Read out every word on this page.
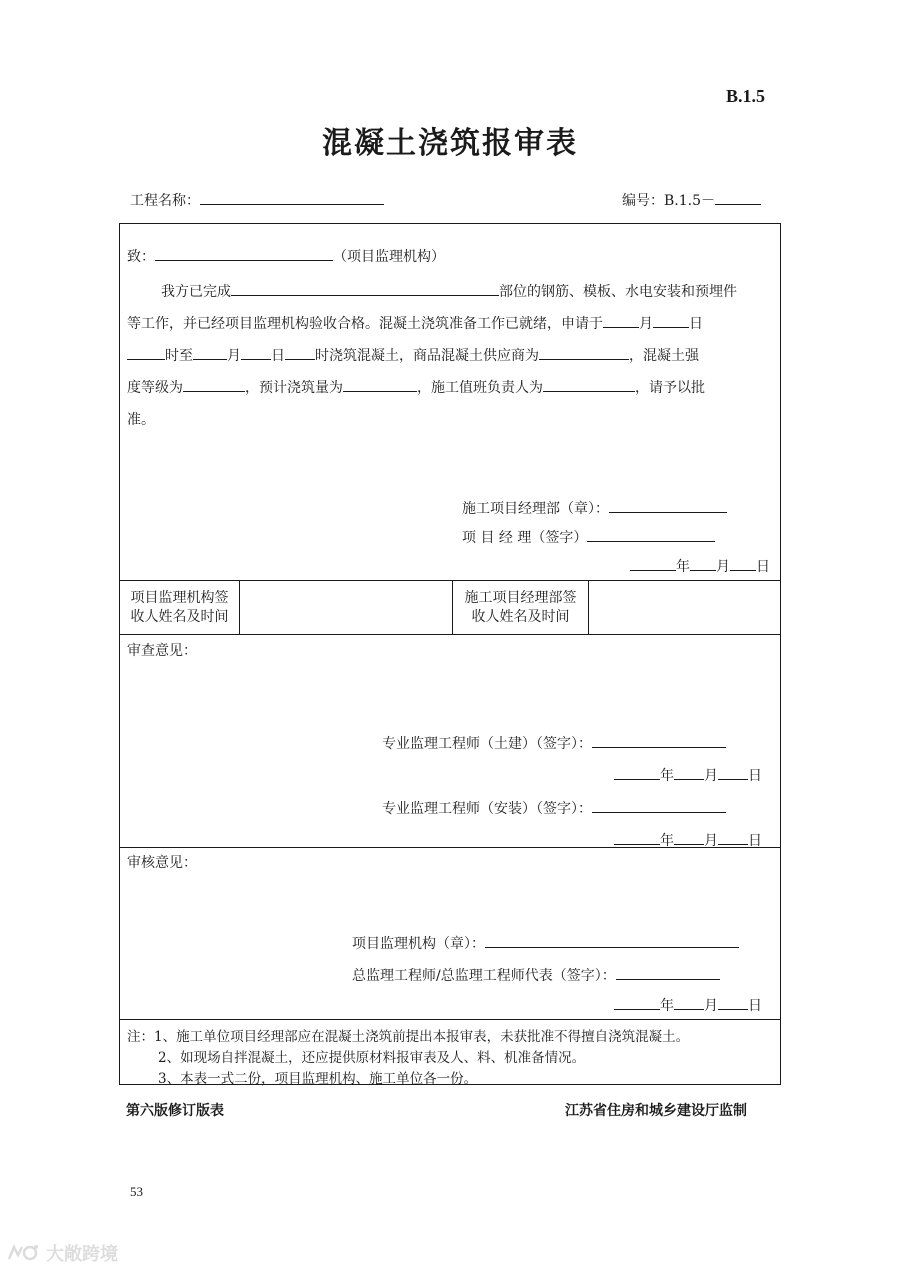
B.1.5
混凝土浇筑报审表
工程名称：	编号：B.1.5－
致：	（项目监理机构）
我方已完成	部位的钢筋、模板、水电安装和预埋件
等工作，并已经项目监理机构验收合格。混凝土浇筑准备工作已就绪，申请于	月	日
时至 月 日 时浇筑混凝土，商品混凝土供应商为	，混凝土强
度等级为	，预计浇筑量为	，施工值班负责人为	，请予以批
准。
施工项目经理部（章）：
项 目 经 理（签字）
年 月 日
项目监理机构签
收人姓名及时间
施工项目经理部签
收人姓名及时间
审查意见：
专业监理工程师（土建）（签字）：
年 月 日
专业监理工程师（安装）（签字）：
年 月 日
审核意见：
项目监理机构（章）：
总监理工程师/总监理工程师代表（签字）：
年 月 日
注：1、施工单位项目经理部应在混凝土浇筑前提出本报审表，未获批准不得擅自浇筑混凝土。
2、如现场自拌混凝土，还应提供原材料报审表及人、料、机准备情况。
3、本表一式二份，项目监理机构、施工单位各一份。
第六版修订版表	江苏省住房和城乡建设厅监制
53
大敞跨境
